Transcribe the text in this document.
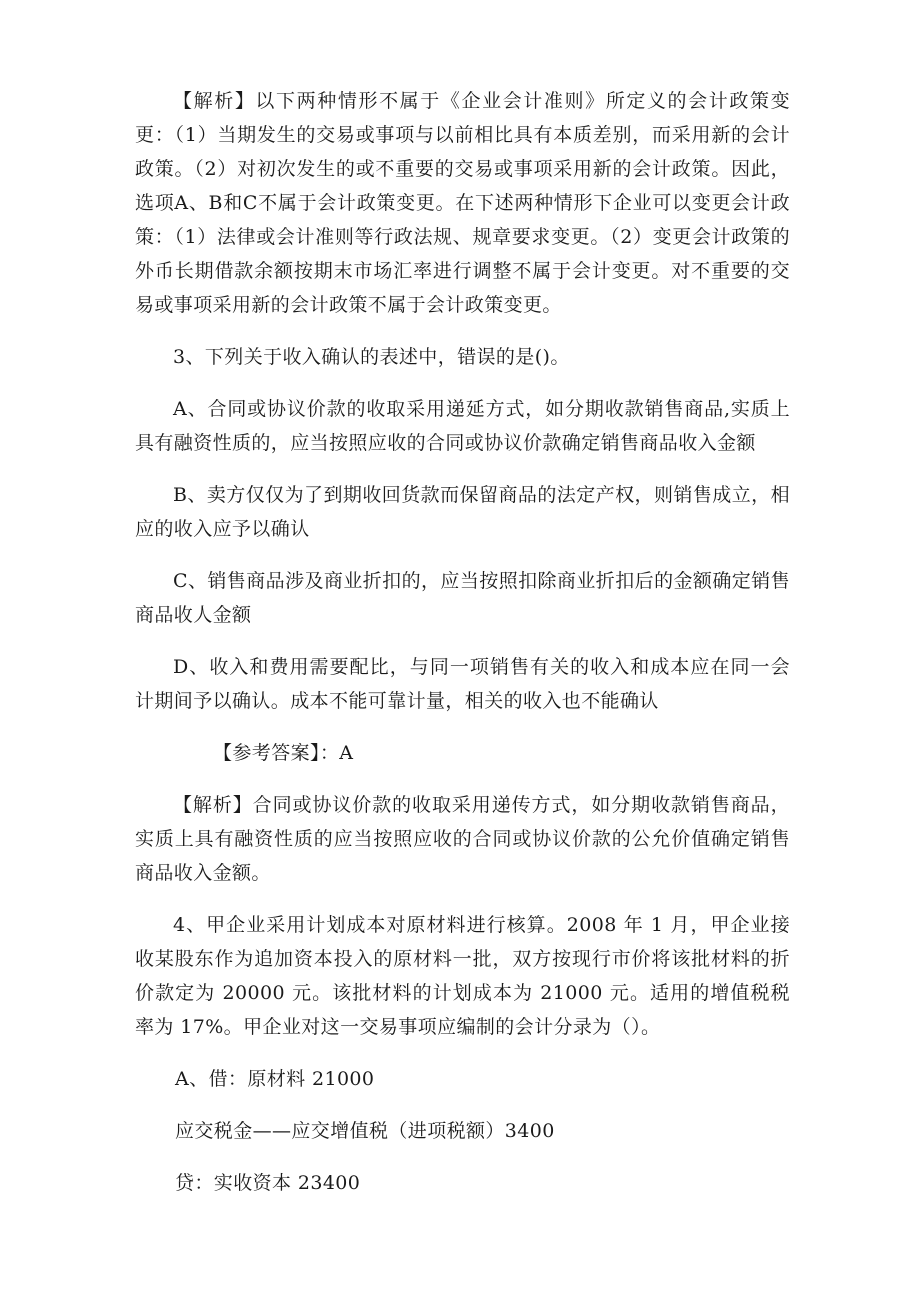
【解析】以下两种情形不属于《企业会计准则》所定义的会计政策变更：（1）当期发生的交易或事项与以前相比具有本质差别，而采用新的会计政策。（2）对初次发生的或不重要的交易或事项采用新的会计政策。因此，选项A、B和C不属于会计政策变更。在下述两种情形下企业可以变更会计政策：（1）法律或会计准则等行政法规、规章要求变更。（2）变更会计政策的外币长期借款余额按期末市场汇率进行调整不属于会计变更。对不重要的交易或事项采用新的会计政策不属于会计政策变更。

3、下列关于收入确认的表述中，错误的是()。

A、合同或协议价款的收取采用递延方式，如分期收款销售商品,实质上具有融资性质的，应当按照应收的合同或协议价款确定销售商品收入金额

B、卖方仅仅为了到期收回货款而保留商品的法定产权，则销售成立，相应的收入应予以确认

C、销售商品涉及商业折扣的，应当按照扣除商业折扣后的金额确定销售商品收人金额

D、收入和费用需要配比，与同一项销售有关的收入和成本应在同一会计期间予以确认。成本不能可靠计量，相关的收入也不能确认

【参考答案】：A

【解析】合同或协议价款的收取采用递传方式，如分期收款销售商品，实质上具有融资性质的应当按照应收的合同或协议价款的公允价值确定销售商品收入金额。

4、甲企业采用计划成本对原材料进行核算。2008 年 1 月，甲企业接收某股东作为追加资本投入的原材料一批，双方按现行市价将该批材料的折价款定为 20000 元。该批材料的计划成本为 21000 元。适用的增值税税率为 17%。甲企业对这一交易事项应编制的会计分录为（）。

A、借：原材料 21000

应交税金——应交增值税（进项税额）3400

贷：实收资本 23400
